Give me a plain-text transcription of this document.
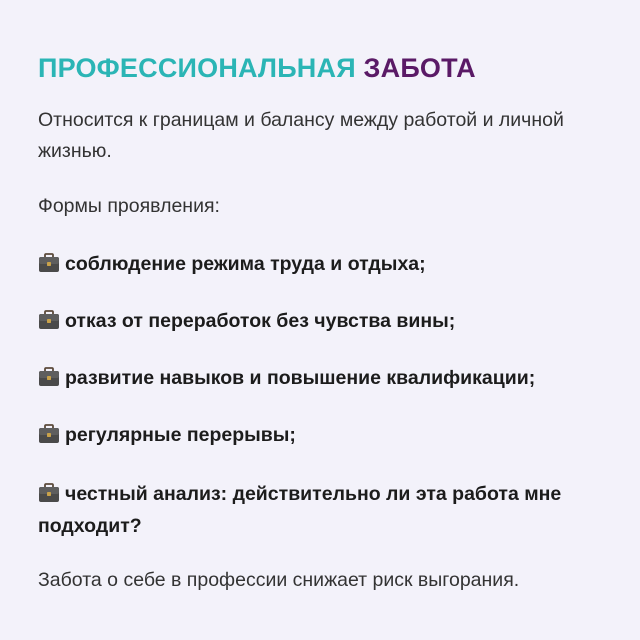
ПРОФЕССИОНАЛЬНАЯ ЗАБОТА

Относится к границам и балансу между работой и личной жизнью.

Формы проявления:

соблюдение режима труда и отдыха;

отказ от переработок без чувства вины;

развитие навыков и повышение квалификации;

регулярные перерывы;

честный анализ: действительно ли эта работа мне подходит?

Забота о себе в профессии снижает риск выгорания.
